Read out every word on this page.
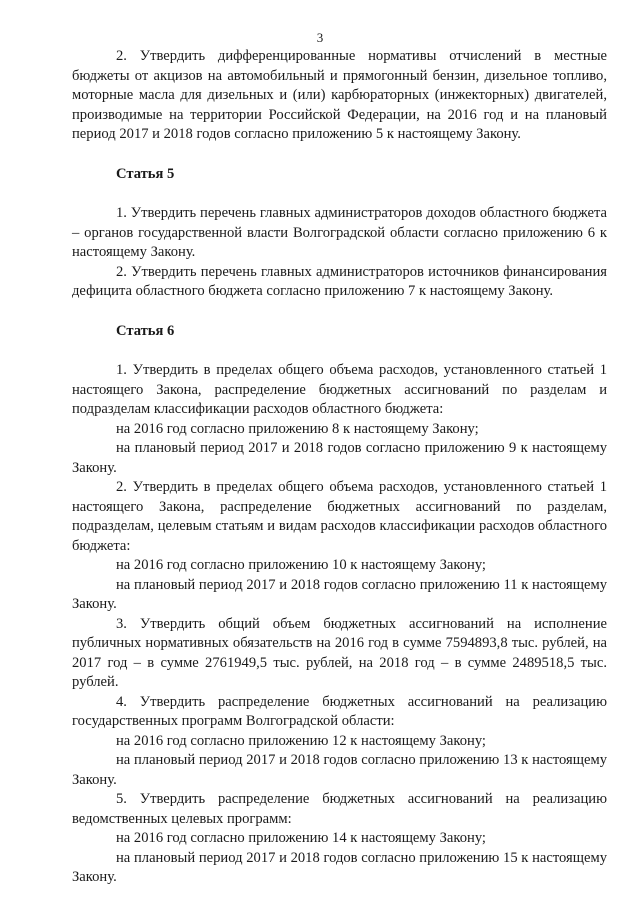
3

2. Утвердить дифференцированные нормативы отчислений в местные бюджеты от акцизов на автомобильный и прямогонный бензин, дизельное топливо, моторные масла для дизельных и (или) карбюраторных (инжекторных) двигателей, производимые на территории Российской Федерации, на 2016 год и на плановый период 2017 и 2018 годов согласно приложению 5 к настоящему Закону.

Статья 5

1. Утвердить перечень главных администраторов доходов областного бюджета – органов государственной власти Волгоградской области согласно приложению 6 к настоящему Закону.

2. Утвердить перечень главных администраторов источников финансирования дефицита областного бюджета согласно приложению 7 к настоящему Закону.

Статья 6

1. Утвердить в пределах общего объема расходов, установленного статьей 1 настоящего Закона, распределение бюджетных ассигнований по разделам и подразделам классификации расходов областного бюджета:

на 2016 год согласно приложению 8 к настоящему Закону;

на плановый период 2017 и 2018 годов согласно приложению 9 к настоящему Закону.

2. Утвердить в пределах общего объема расходов, установленного статьей 1 настоящего Закона, распределение бюджетных ассигнований по разделам, подразделам, целевым статьям и видам расходов классификации расходов областного бюджета:

на 2016 год согласно приложению 10 к настоящему Закону;

на плановый период 2017 и 2018 годов согласно приложению 11 к настоящему Закону.

3. Утвердить общий объем бюджетных ассигнований на исполнение публичных нормативных обязательств на 2016 год в сумме 7594893,8 тыс. рублей, на 2017 год – в сумме 2761949,5 тыс. рублей, на 2018 год – в сумме 2489518,5 тыс. рублей.

4. Утвердить распределение бюджетных ассигнований на реализацию государственных программ Волгоградской области:

на 2016 год согласно приложению 12 к настоящему Закону;

на плановый период 2017 и 2018 годов согласно приложению 13 к настоящему Закону.

5. Утвердить распределение бюджетных ассигнований на реализацию ведомственных целевых программ:

на 2016 год согласно приложению 14 к настоящему Закону;

на плановый период 2017 и 2018 годов согласно приложению 15 к настоящему Закону.
